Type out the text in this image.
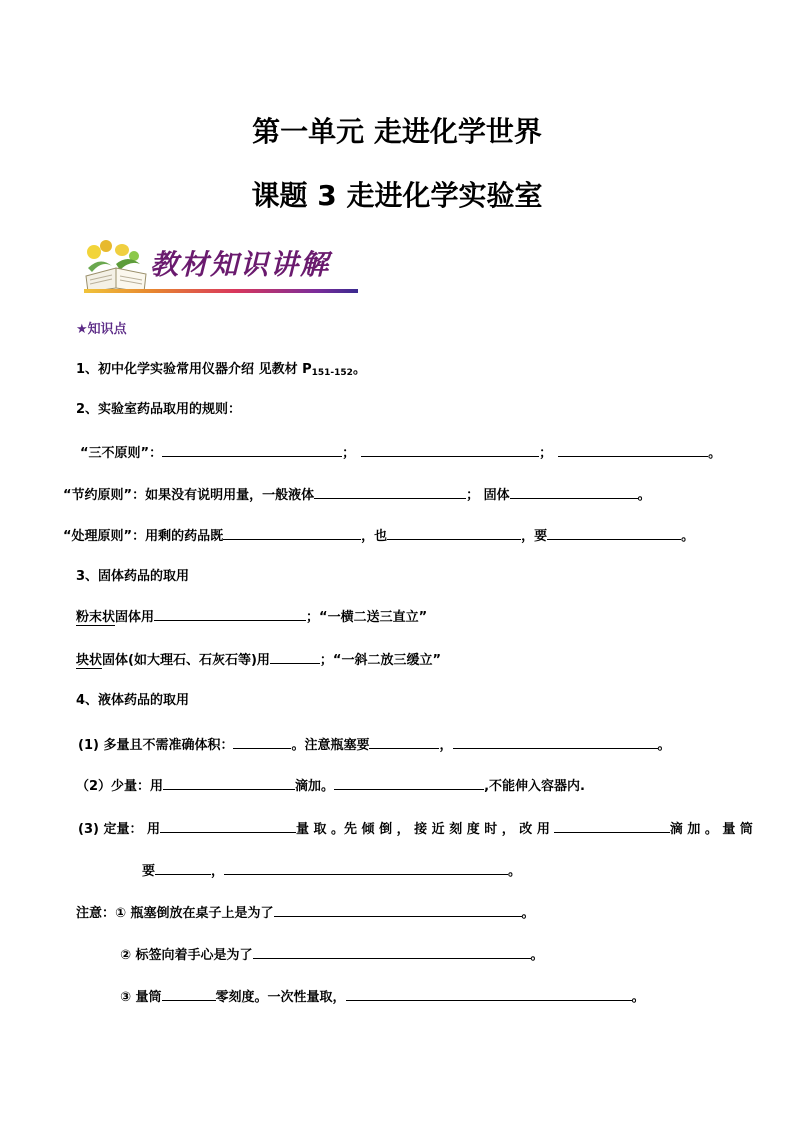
第一单元 走进化学世界
课题 3 走进化学实验室
教材知识讲解
★知识点
1、初中化学实验常用仪器介绍 见教材 $P_{151-152}$。
2、实验室药品取用的规则：
“三不原则”：	；	；	。
“节约原则”：如果没有说明用量，一般液体	； 固体	。
“处理原则”：用剩的药品既	，也	，要	。
3、固体药品的取用
粉末状固体用	；“一横二送三直立”
块状固体(如大理石、石灰石等)用	；“一斜二放三缓立”
4、液体药品的取用
(1) 多量且不需准确体积：	。注意瓶塞要	，	。
（2）少量：用	滴加。	,不能伸入容器内.
(3) 定量： 用	量 取 。先 倾 倒 ， 接 近 刻 度 时 ， 改 用	滴 加 。 量 筒
要	，	。
注意：① 瓶塞倒放在桌子上是为了	。
② 标签向着手心是为了	。
③ 量筒	零刻度。一次性量取，	。
